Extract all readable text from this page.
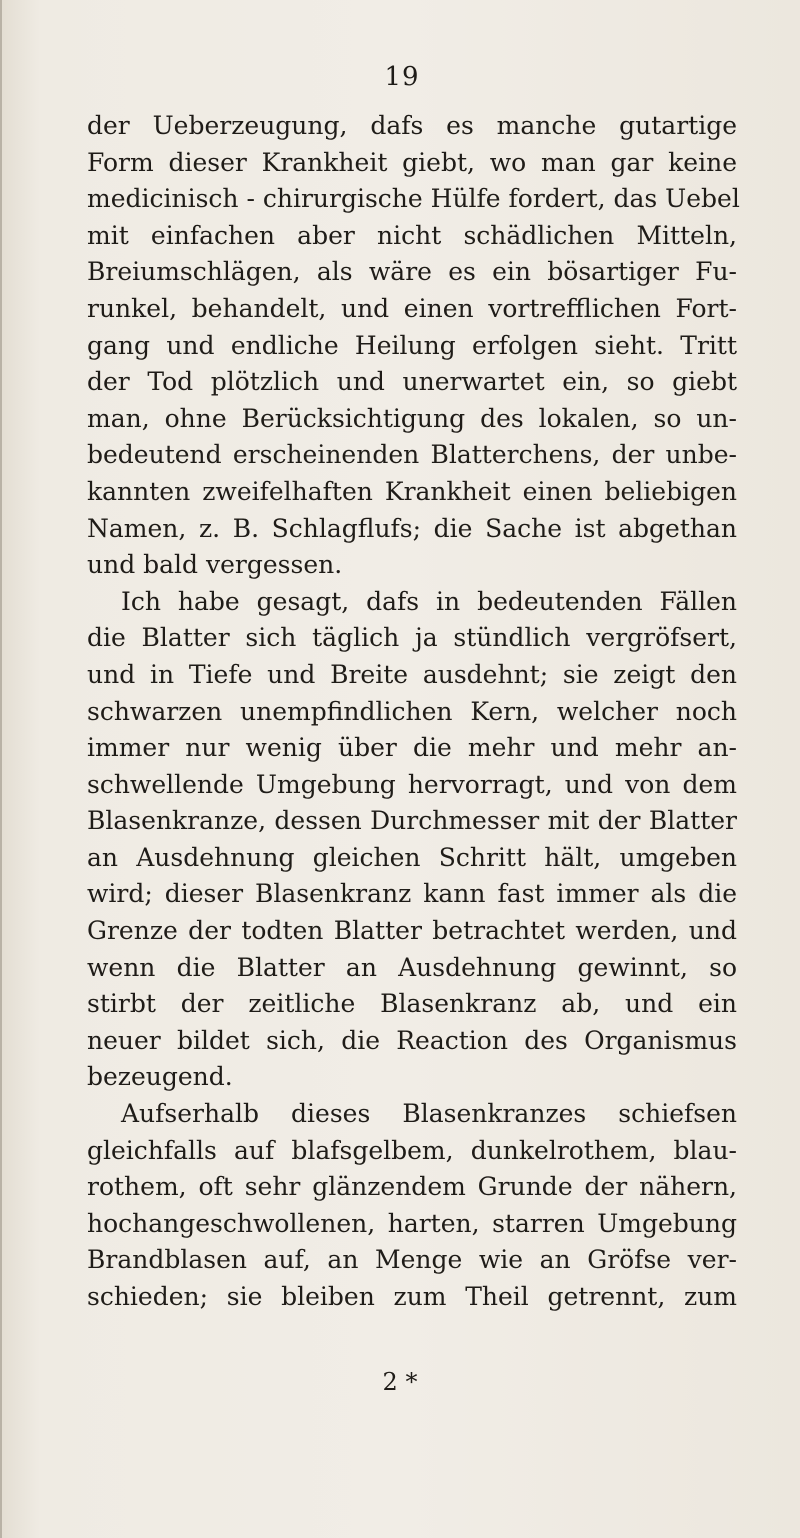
19
der Ueberzeugung, dafs es manche gutartige
Form dieser Krankheit giebt, wo man gar keine
medicinisch - chirurgische Hülfe fordert, das Uebel
mit einfachen aber nicht schädlichen Mitteln,
Breiumschlägen, als wäre es ein bösartiger Fu-
runkel, behandelt, und einen vortrefflichen Fort-
gang und endliche Heilung erfolgen sieht. Tritt
der Tod plötzlich und unerwartet ein, so giebt
man, ohne Berücksichtigung des lokalen, so un-
bedeutend erscheinenden Blatterchens, der unbe-
kannten zweifelhaften Krankheit einen beliebigen
Namen, z. B. Schlagflufs; die Sache ist abgethan
und bald vergessen.
Ich habe gesagt, dafs in bedeutenden Fällen
die Blatter sich täglich ja stündlich vergröfsert,
und in Tiefe und Breite ausdehnt; sie zeigt den
schwarzen unempfindlichen Kern, welcher noch
immer nur wenig über die mehr und mehr an-
schwellende Umgebung hervorragt, und von dem
Blasenkranze, dessen Durchmesser mit der Blatter
an Ausdehnung gleichen Schritt hält, umgeben
wird; dieser Blasenkranz kann fast immer als die
Grenze der todten Blatter betrachtet werden, und
wenn die Blatter an Ausdehnung gewinnt, so
stirbt der zeitliche Blasenkranz ab, und ein
neuer bildet sich, die Reaction des Organismus
bezeugend.
Aufserhalb dieses Blasenkranzes schiefsen
gleichfalls auf blafsgelbem, dunkelrothem, blau-
rothem, oft sehr glänzendem Grunde der nähern,
hochangeschwollenen, harten, starren Umgebung
Brandblasen auf, an Menge wie an Gröfse ver-
schieden; sie bleiben zum Theil getrennt, zum
2 *
